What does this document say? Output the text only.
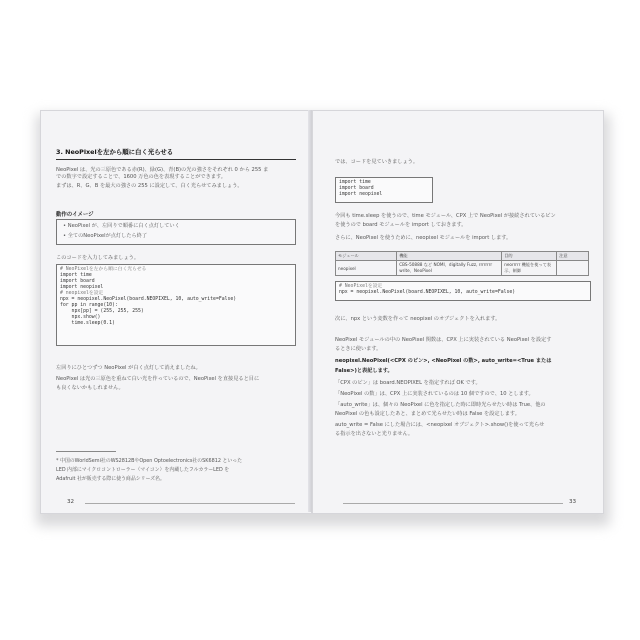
3. NeoPixelを左から順に白く光らせる
NeoPixel は、光の三原色である赤(R)、緑(G)、青(B)の光の強さをそれぞれ 0 から 255 ま
での数字で設定することで、1600 万色の色を表現することができます。
まずは、R、G、B を最大の強さの 255 に設定して、白く光らせてみましょう。
動作のイメージ
• NeoPixel が、左回りで順番に白く点灯していく
• 全てのNeoPixelが点灯したら終了
このコードを入力してみましょう。
# NeoPixelを左から順に白く光らせる
import time
import board
import neopixel
# neopixelを設定
npx = neopixel.NeoPixel(board.NEOPIXEL, 10, auto_write=False)
for pp in range(10):
npx[pp] = (255, 255, 255)
npx.show()
time.sleep(0.1)
左回りにひとつずつ NeoPixel が白く点灯して消えましたね。
NeoPixel は光の三原色を重ねて白い光を作っているので、NeoPixel を直接見ると目に
も良くないかもしれません。
* 中国のWorldSemi社のWS2812BやOpen Optoelectronics社のSK6812 といった
LED 内部にマイクロコントローラー（マイコン）を内蔵したフルカラーLED を
Adafruit 社が販売する際に使う商品シリーズ名。
32
では、コードを見ていきましょう。
import time
import board
import neopixel
今回も time.sleep を使うので、time モジュール、CPX 上で NeoPixel が接続されているピン
を使うので board モジュールを import しておきます。
さらに、NeoPixel を使うために、neopixel モジュールを import します。
モジュール	機能	目的	注意
neopixel	CBS-50888 など NOMI、digitally Fuzz, rrrrrrrr write、NeoPixel	neorrrrr 機能を使って表示、制御	
# NeoPixelを設定
npx = neopixel.NeoPixel(board.NEOPIXEL, 10, auto_write=False)
次に、npx という変数を作って neopixel のオブジェクトを入れます。
NeoPixel モジュールの中の NeoPixel 関数は、CPX 上に実装されている NeoPixel を設定す
るときに使います。
neopixel.NeoPixel(<CPX のピン>, <NeoPixel の数>, auto_write=<True または
False>)と表記します。
「CPX のピン」は board.NEOPIXEL を指定すれば OK です。
「NeoPixel の数」は、CPX 上に実装されているのは 10 個ですので、10 とします。
「auto_write」は、個々の NeoPixel に色を指定した時に即時光らせたい時は True、他の
NeoPixel の色も設定したあと、まとめて光らせたい時は False を設定します。
auto_write = False にした場合には、<neopixel オブジェクト>.show()を使って光らせ
る指示を出さないと光りません。
33
